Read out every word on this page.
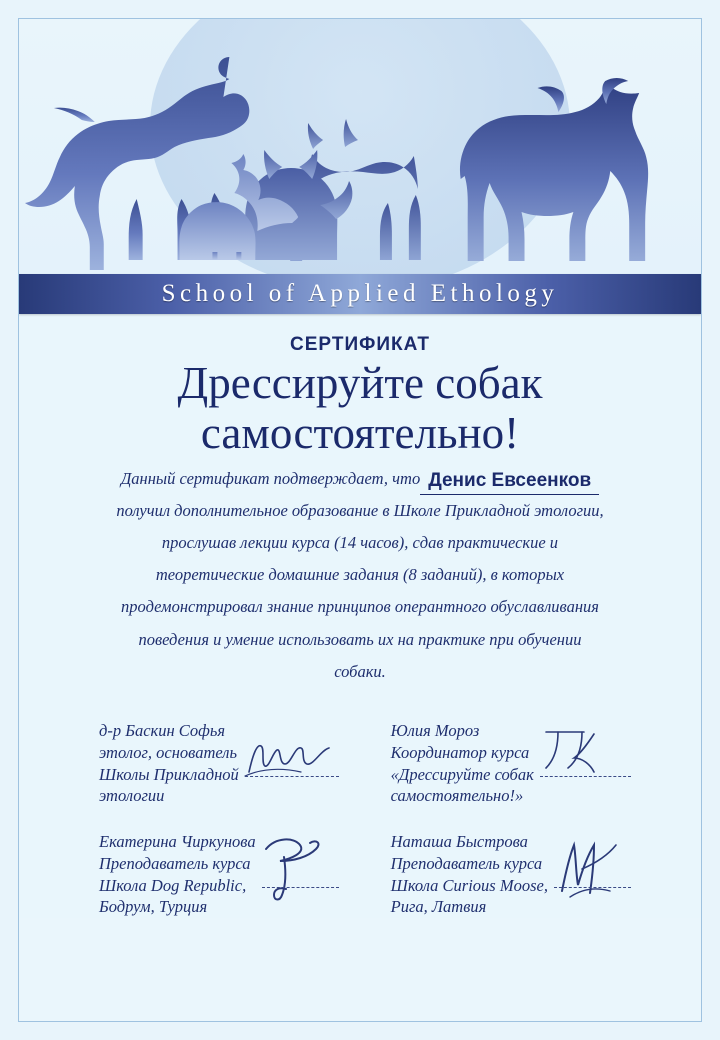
School of Applied Ethology
СЕРТИФИКАТ
Дрессируйте собак
самостоятельно!
Данный сертификат подтверждает, что Денис Евсеенков
получил дополнительное образование в Школе Прикладной этологии,
прослушав лекции курса (14 часов), сдав практические и
теоретические домашние задания (8 заданий), в которых
продемонстрировал знание принципов оперантного обуславливания
поведения и умение использовать их на практике при обучении
собаки.
д-р Баскин Софья
этолог, основатель
Школы Прикладной
этологии
Юлия Мороз
Координатор курса
«Дрессируйте собак
самостоятельно!»
Екатерина Чиркунова
Преподаватель курса
Школа Dog Republic,
Бодрум, Турция
Наташа Быстрова
Преподаватель курса
Школа Curious Moose,
Рига, Латвия
